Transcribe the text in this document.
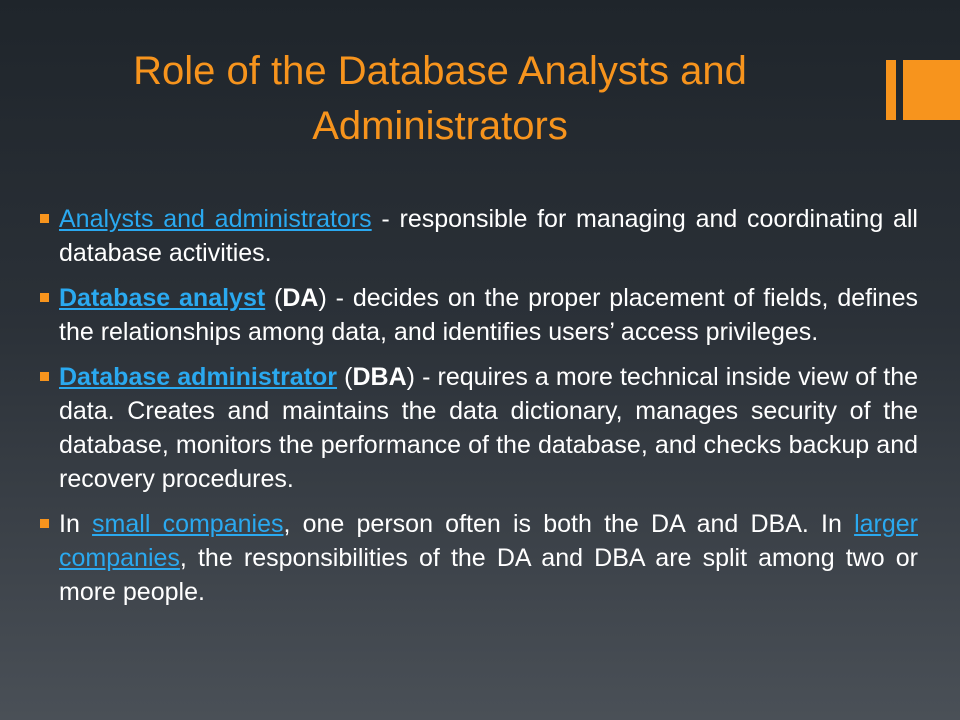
Role of the Database Analysts and
Administrators
Analysts and administrators - responsible for managing and coordinating all database activities.
Database analyst (DA) - decides on the proper placement of fields, defines the relationships among data, and identifies users’ access privileges.
Database administrator (DBA) - requires a more technical inside view of the data. Creates and maintains the data dictionary, manages security of the database, monitors the performance of the database, and checks backup and recovery procedures.
In small companies, one person often is both the DA and DBA. In larger companies, the responsibilities of the DA and DBA are split among two or more people.
